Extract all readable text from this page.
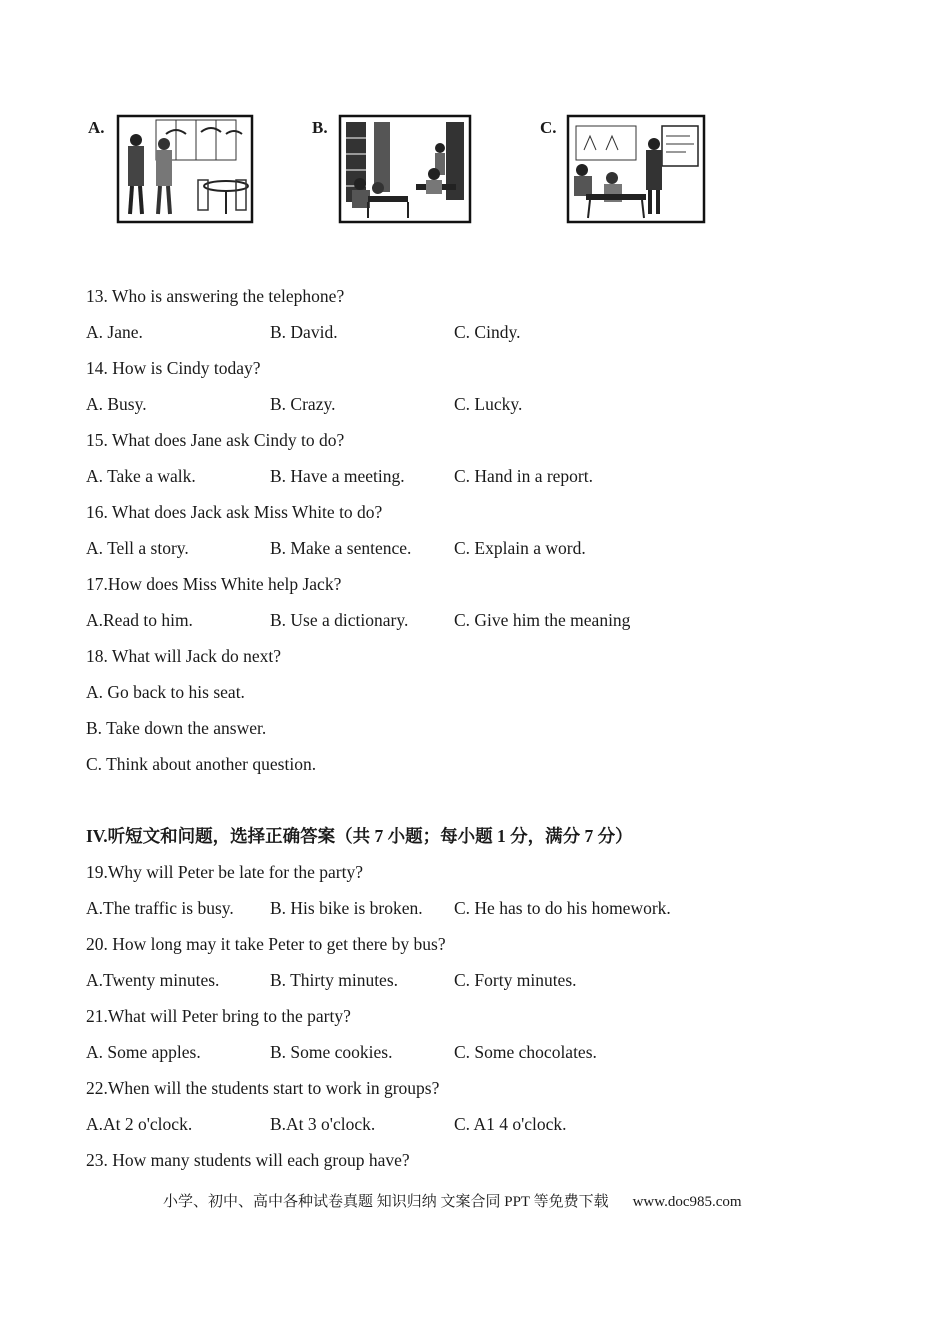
A.	B.	C.
13. Who is answering the telephone?
A. Jane.	B. David.	C. Cindy.
14. How is Cindy today?
A. Busy.	B. Crazy.	C. Lucky.
15. What does Jane ask Cindy to do?
A. Take a walk.	B. Have a meeting.	C. Hand in a report.
16. What does Jack ask Miss White to do?
A. Tell a story.	B. Make a sentence. C. Explain a word.
17.How does Miss White help Jack?
A.Read to him.	B. Use a dictionary.	C. Give him the meaning
18. What will Jack do next?
A. Go back to his seat.
B. Take down the answer.
C. Think about another question.
IV.听短文和问题，选择正确答案（共 7 小题；每小题 1 分，满分 7 分）
19.Why will Peter be late for the party?
A.The traffic is busy. B. His bike is broken. C. He has to do his homework.
20. How long may it take Peter to get there by bus?
A.Twenty minutes.	B. Thirty minutes.	C. Forty minutes.
21.What will Peter bring to the party?
A. Some apples.	B. Some cookies.	C. Some chocolates.
22.When will the students start to work in groups?
A.At 2 o'clock.	B.At 3 o'clock.	C. A1 4 o'clock.
23. How many students will each group have?
小学、初中、高中各种试卷真题 知识归纳 文案合同 PPT 等免费下载 www.doc985.com
